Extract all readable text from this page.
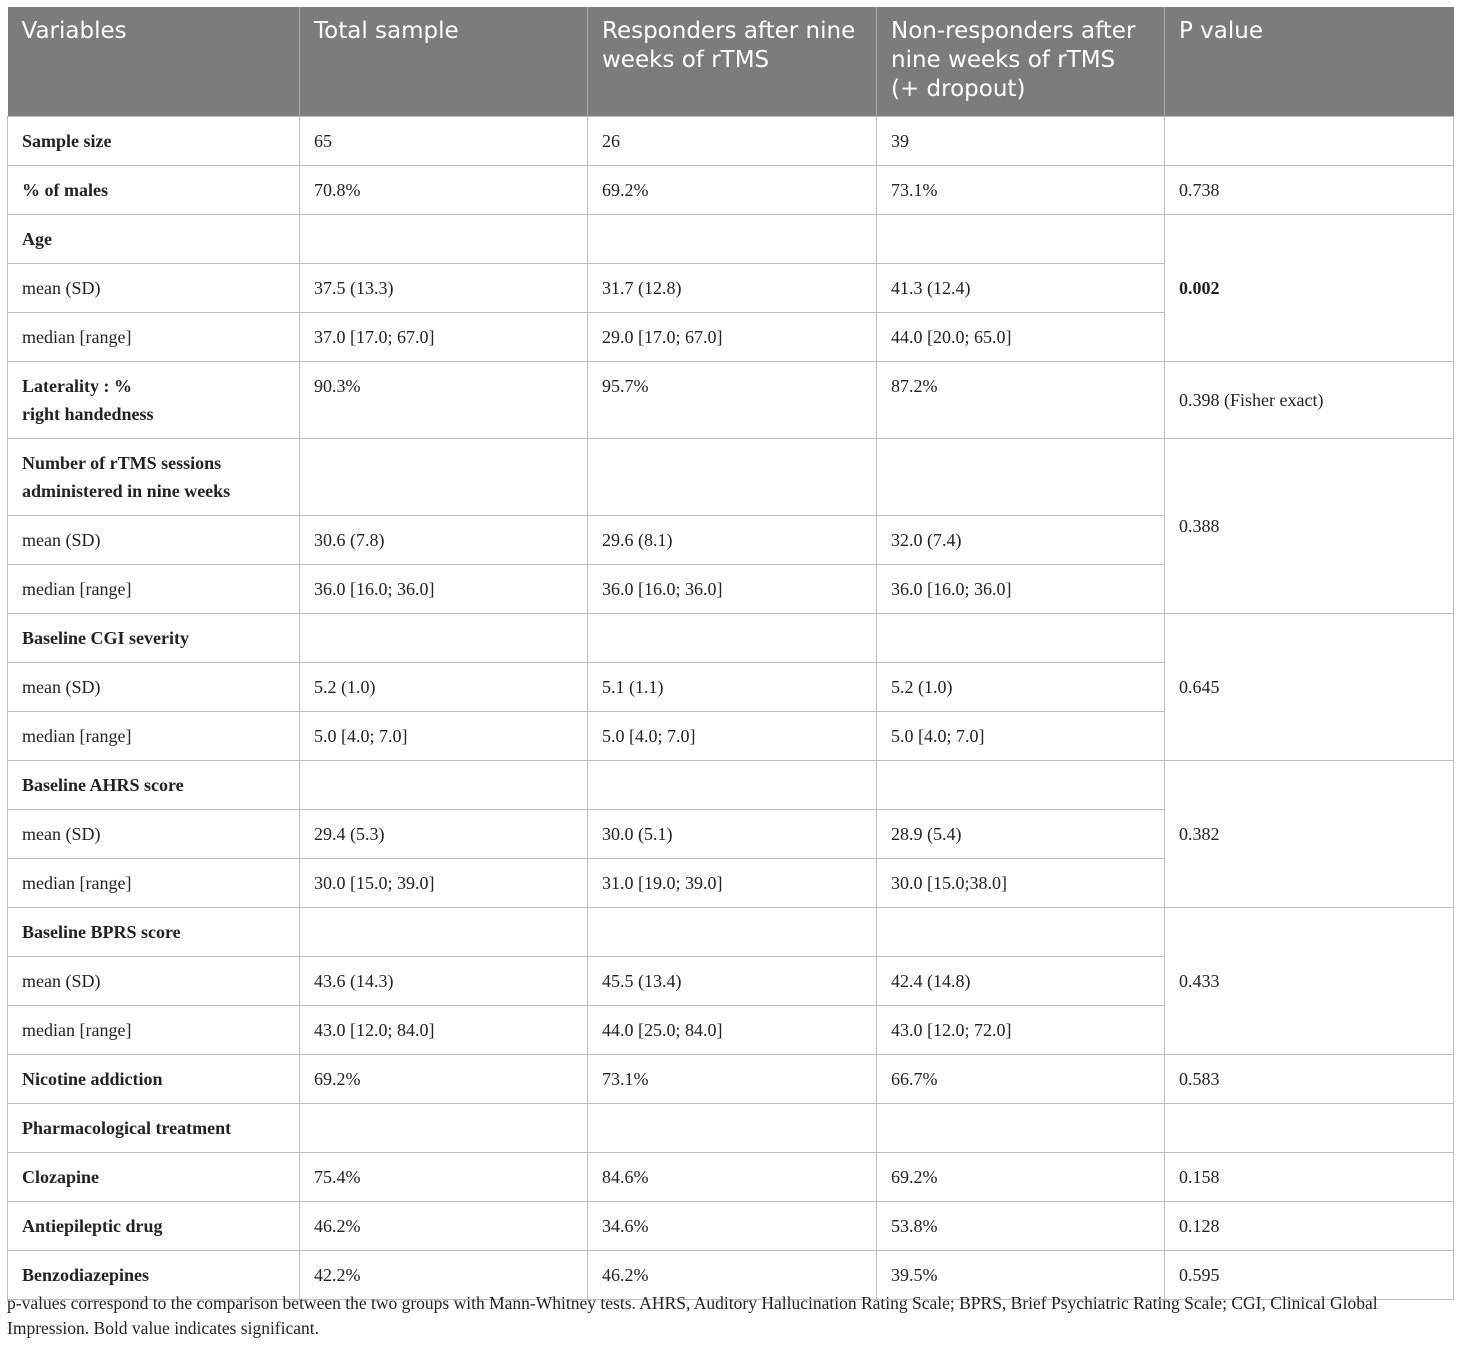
Variables	Total sample	Responders after nine weeks of rTMS	Non-responders after nine weeks of rTMS (+ dropout)	P value
Sample size	65	26	39	
% of males	70.8%	69.2%	73.1%	0.738
Age				0.002
mean (SD)	37.5 (13.3)	31.7 (12.8)	41.3 (12.4)	
median [range]	37.0 [17.0; 67.0]	29.0 [17.0; 67.0]	44.0 [20.0; 65.0]	
Laterality : %
right handedness	90.3%	95.7%	87.2%	0.398 (Fisher exact)
Number of rTMS sessions
administered in nine weeks				0.388
mean (SD)	30.6 (7.8)	29.6 (8.1)	32.0 (7.4)	
median [range]	36.0 [16.0; 36.0]	36.0 [16.0; 36.0]	36.0 [16.0; 36.0]	
Baseline CGI severity				0.645
mean (SD)	5.2 (1.0)	5.1 (1.1)	5.2 (1.0)	
median [range]	5.0 [4.0; 7.0]	5.0 [4.0; 7.0]	5.0 [4.0; 7.0]	
Baseline AHRS score				0.382
mean (SD)	29.4 (5.3)	30.0 (5.1)	28.9 (5.4)	
median [range]	30.0 [15.0; 39.0]	31.0 [19.0; 39.0]	30.0 [15.0;38.0]	
Baseline BPRS score				0.433
mean (SD)	43.6 (14.3)	45.5 (13.4)	42.4 (14.8)	
median [range]	43.0 [12.0; 84.0]	44.0 [25.0; 84.0]	43.0 [12.0; 72.0]	
Nicotine addiction	69.2%	73.1%	66.7%	0.583
Pharmacological treatment				
Clozapine	75.4%	84.6%	69.2%	0.158
Antiepileptic drug	46.2%	34.6%	53.8%	0.128
Benzodiazepines	42.2%	46.2%	39.5%	0.595
p-values correspond to the comparison between the two groups with Mann-Whitney tests. AHRS, Auditory Hallucination Rating Scale; BPRS, Brief Psychiatric Rating Scale; CGI, Clinical Global Impression. Bold value indicates significant.
